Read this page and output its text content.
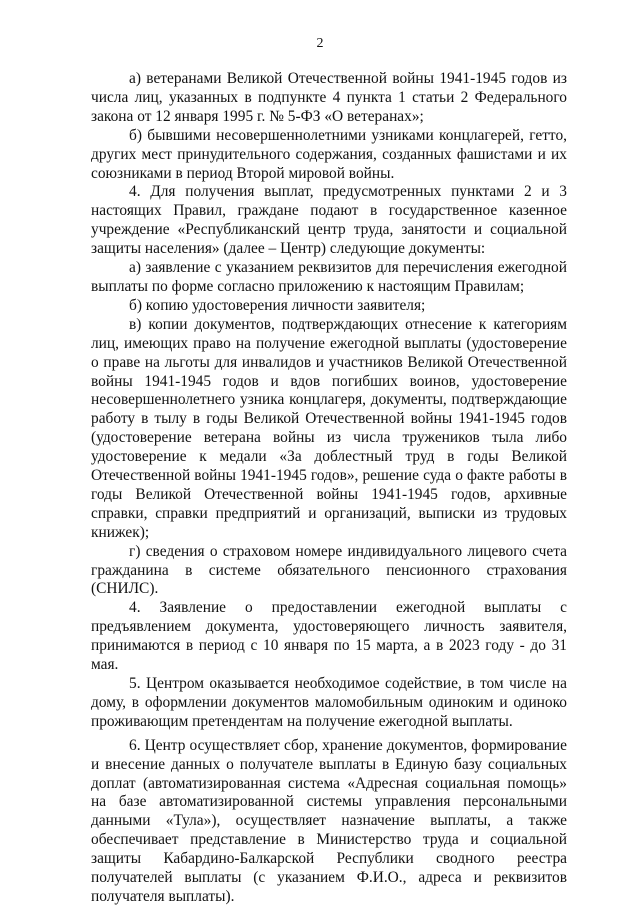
2

а) ветеранами Великой Отечественной войны 1941-1945 годов из числа лиц, указанных в подпункте 4 пункта 1 статьи 2 Федерального закона от 12 января 1995 г. № 5-ФЗ «О ветеранах»;

б) бывшими несовершеннолетними узниками концлагерей, гетто, других мест принудительного содержания, созданных фашистами и их союзниками в период Второй мировой войны.

4. Для получения выплат, предусмотренных пунктами 2 и 3 настоящих Правил, граждане подают в государственное казенное учреждение «Республиканский центр труда, занятости и социальной защиты населения» (далее – Центр) следующие документы:

а) заявление с указанием реквизитов для перечисления ежегодной выплаты по форме согласно приложению к настоящим Правилам;

б) копию удостоверения личности заявителя;

в) копии документов, подтверждающих отнесение к категориям лиц, имеющих право на получение ежегодной выплаты (удостоверение о праве на льготы для инвалидов и участников Великой Отечественной войны 1941-1945 годов и вдов погибших воинов, удостоверение несовершеннолетнего узника концлагеря, документы, подтверждающие работу в тылу в годы Великой Отечественной войны 1941-1945 годов (удостоверение ветерана войны из числа тружеников тыла либо удостоверение к медали «За доблестный труд в годы Великой Отечественной войны 1941-1945 годов», решение суда о факте работы в годы Великой Отечественной войны 1941-1945 годов, архивные справки, справки предприятий и организаций, выписки из трудовых книжек);

г) сведения о страховом номере индивидуального лицевого счета гражданина в системе обязательного пенсионного страхования (СНИЛС).

4. Заявление о предоставлении ежегодной выплаты с предъявлением документа, удостоверяющего личность заявителя, принимаются в период с 10 января по 15 марта, а в 2023 году - до 31 мая.

5. Центром оказывается необходимое содействие, в том числе на дому, в оформлении документов маломобильным одиноким и одиноко проживающим претендентам на получение ежегодной выплаты.

6. Центр осуществляет сбор, хранение документов, формирование и внесение данных о получателе выплаты в Единую базу социальных доплат (автоматизированная система «Адресная социальная помощь» на базе автоматизированной системы управления персональными данными «Тула»), осуществляет назначение выплаты, а также обеспечивает представление в Министерство труда и социальной защиты Кабардино-Балкарской Республики сводного реестра получателей выплаты (с указанием Ф.И.О., адреса и реквизитов получателя выплаты).
